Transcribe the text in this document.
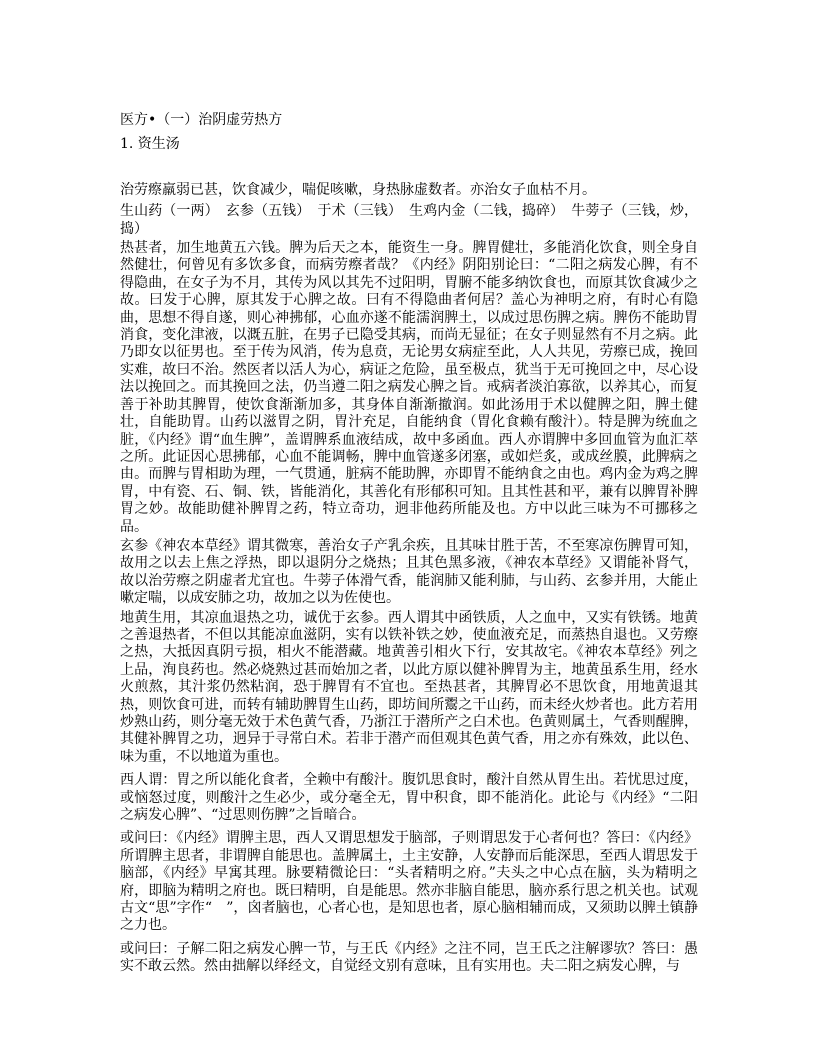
医方•（一）治阴虚劳热方

1. 资生汤

治劳瘵羸弱已甚，饮食减少，喘促咳嗽，身热脉虚数者。亦治女子血枯不月。

生山药（一两）　玄参（五钱）　于术（三钱）　生鸡内金（二钱，捣碎）　牛蒡子（三钱，炒，捣）

热甚者，加生地黄五六钱。脾为后天之本，能资生一身。脾胃健壮，多能消化饮食，则全身自然健壮，何曾见有多饮多食，而病劳瘵者哉？《内经》阴阳别论曰：“二阳之病发心脾，有不得隐曲，在女子为不月，其传为风以其先不过阳明，胃腑不能多纳饮食也，而原其饮食减少之故。曰发于心脾，原其发于心脾之故。曰有不得隐曲者何居？盖心为神明之府，有时心有隐曲，思想不得自遂，则心神拂郁，心血亦遂不能濡润脾土，以成过思伤脾之病。脾伤不能助胃消食，变化津液，以溉五脏，在男子已隐受其病，而尚无显征；在女子则显然有不月之病。此乃即女以征男也。至于传为风消，传为息贲，无论男女病症至此，人人共见，劳瘵已成，挽回实难，故曰不治。然医者以活人为心，病证之危险，虽至极点，犹当于无可挽回之中，尽心设法以挽回之。而其挽回之法，仍当遵二阳之病发心脾之旨。戒病者淡泊寡欲，以养其心，而复善于补助其脾胃，使饮食渐渐加多，其身体自渐渐撤润。如此汤用于术以健脾之阳，脾土健壮，自能助胃。山药以滋胃之阴，胃汁充足，自能纳食（胃化食赖有酸汁）。特是脾为统血之脏，《内经》谓“血生脾”，盖谓脾系血液结成，故中多函血。西人亦谓脾中多回血管为血汇萃之所。此证因心思拂郁，心血不能调畅，脾中血管遂多闭塞，或如烂炙，或成丝膜，此脾病之由。而脾与胃相助为理，一气贯通，脏病不能助脾，亦即胃不能纳食之由也。鸡内金为鸡之脾胃，中有瓷、石、铜、铁，皆能消化，其善化有形郁积可知。且其性甚和平，兼有以脾胃补脾胃之妙。故能助健补脾胃之药，特立奇功，迥非他药所能及也。方中以此三味为不可挪移之品。

玄参《神农本草经》谓其微寒，善治女子产乳余疾，且其味甘胜于苦，不至寒凉伤脾胃可知，故用之以去上焦之浮热，即以退阴分之烧热；且其色黑多液，《神农本草经》又谓能补肾气，故以治劳瘵之阴虚者尤宜也。牛蒡子体滑气香，能润肺又能利肺，与山药、玄参并用，大能止嗽定喘，以成安肺之功，故加之以为佐使也。

地黄生用，其凉血退热之功，诚优于玄参。西人谓其中函铁质，人之血中，又实有铁锈。地黄之善退热者，不但以其能凉血滋阴，实有以铁补铁之妙，使血液充足，而蒸热自退也。又劳瘵之热，大抵因真阴亏损，相火不能潜藏。地黄善引相火下行，安其故宅。《神农本草经》列之上品，洵良药也。然必烧熟过甚而始加之者，以此方原以健补脾胃为主，地黄虽系生用，经水火煎熬，其汁浆仍然粘润，恐于脾胃有不宜也。至热甚者，其脾胃必不思饮食，用地黄退其热，则饮食可进，而转有辅助脾胃生山药，即坊间所鬻之干山药，而未经火炒者也。此方若用炒熟山药，则分毫无效于术色黄气香，乃浙江于潜所产之白术也。色黄则属土，气香则醒脾，其健补脾胃之功，迥异于寻常白术。若非于潜产而但观其色黄气香，用之亦有殊效，此以色、味为重，不以地道为重也。

西人谓：胃之所以能化食者，全赖中有酸汁。腹饥思食时，酸汁自然从胃生出。若忧思过度，或恼怒过度，则酸汁之生必少，或分毫全无，胃中积食，即不能消化。此论与《内经》“二阳之病发心脾”、“过思则伤脾”之旨暗合。

或问曰：《内经》谓脾主思，西人又谓思想发于脑部，子则谓思发于心者何也？答曰：《内经》所谓脾主思者，非谓脾自能思也。盖脾属土，土主安静，人安静而后能深思，至西人谓思发于脑部，《内经》早寓其理。脉要精微论曰：“头者精明之府。”夫头之中心点在脑，头为精明之府，即脑为精明之府也。既曰精明，自是能思。然亦非脑自能思，脑亦系行思之机关也。试观古文“思”字作“　”，囟者脑也，心者心也，是知思也者，原心脑相辅而成，又须助以脾土镇静之力也。

或问曰：子解二阳之病发心脾一节，与王氏《内经》之注不同，岂王氏之注解谬欤？答曰：愚实不敢云然。然由拙解以绎经文，自觉经文别有意味，且有实用也。夫二阳之病发心脾，与
